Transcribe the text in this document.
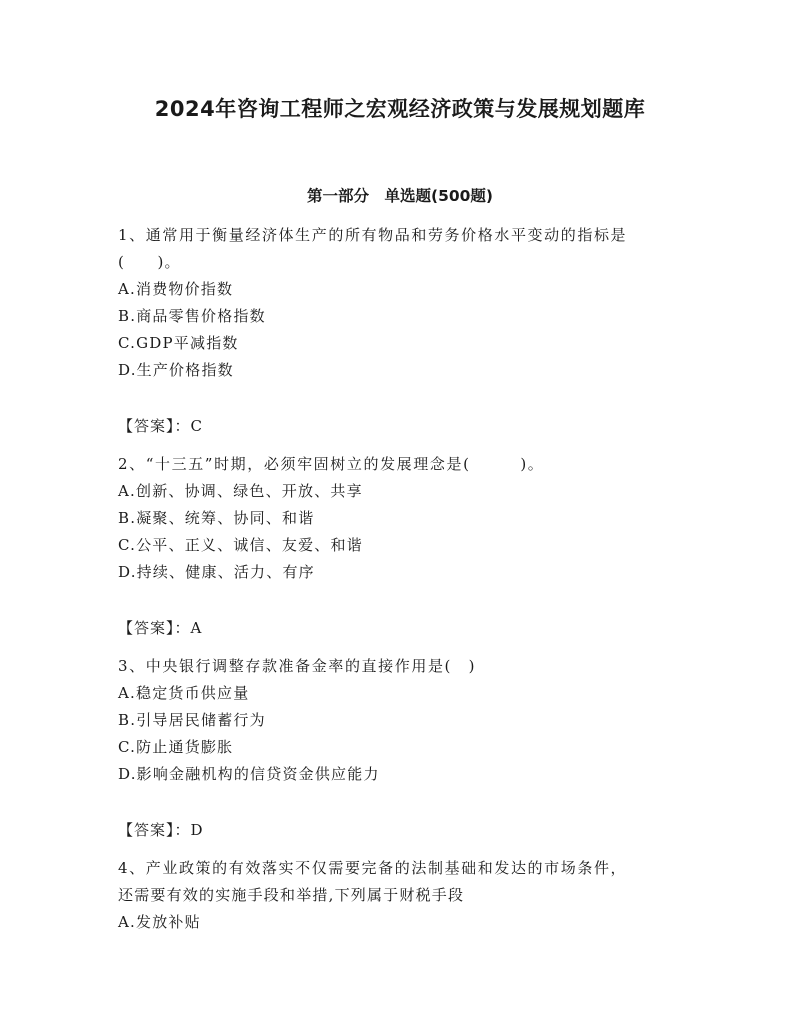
2024年咨询工程师之宏观经济政策与发展规划题库
第一部分　单选题(500题)
1、通常用于衡量经济体生产的所有物品和劳务价格水平变动的指标是
(　　)。
A.消费物价指数
B.商品零售价格指数
C.GDP平减指数
D.生产价格指数
【答案】：C
2、“十三五”时期，必须牢固树立的发展理念是(　　　)。
A.创新、协调、绿色、开放、共享
B.凝聚、统筹、协同、和谐
C.公平、正义、诚信、友爱、和谐
D.持续、健康、活力、有序
【答案】：A
3、中央银行调整存款准备金率的直接作用是(　)
A.稳定货币供应量
B.引导居民储蓄行为
C.防止通货膨胀
D.影响金融机构的信贷资金供应能力
【答案】：D
4、产业政策的有效落实不仅需要完备的法制基础和发达的市场条件，
还需要有效的实施手段和举措,下列属于财税手段
A.发放补贴
